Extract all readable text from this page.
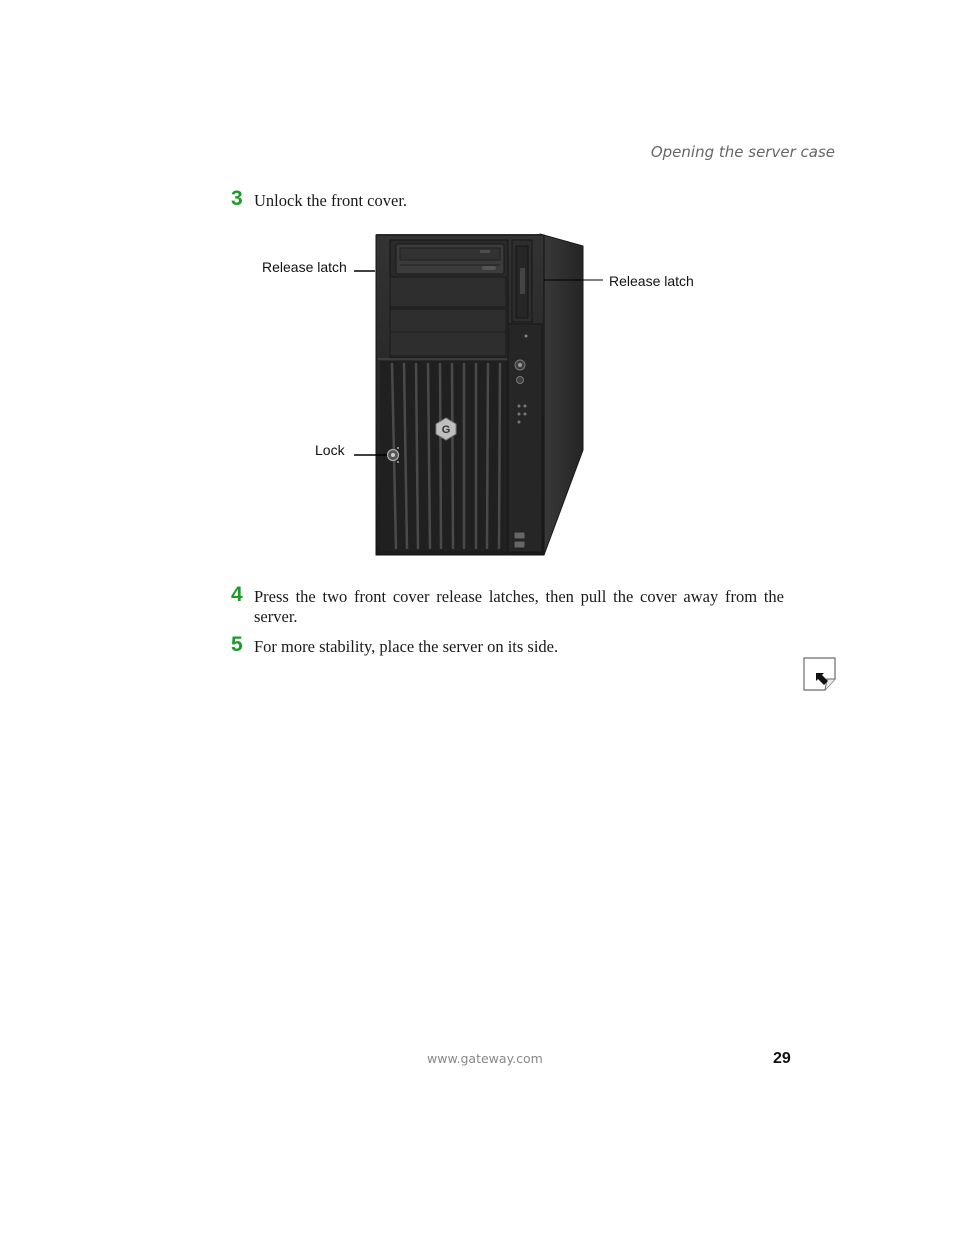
Opening the server case
3 Unlock the front cover.
G
Release latch
Release latch
Lock
4 Press the two front cover release latches, then pull the cover away from the server.
5 For more stability, place the server on its side.
www.gateway.com	29
